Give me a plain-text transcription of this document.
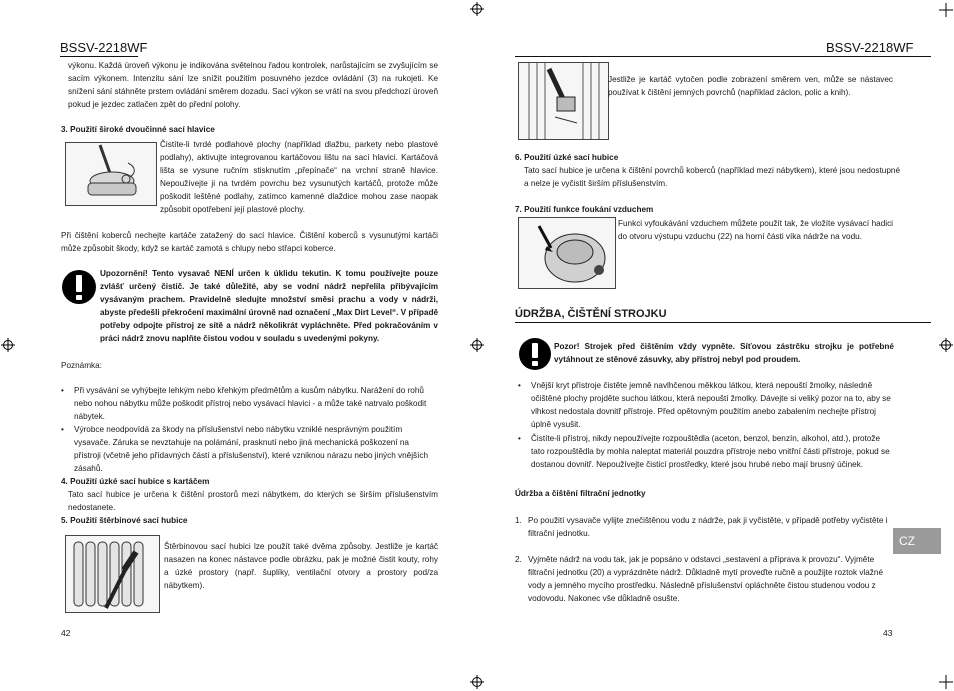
BSSV-2218WF

výkonu. Každá úroveň výkonu je indikována světelnou řadou kontrolek, narůstajícím se zvyšujícím se sacím výkonem. Intenzitu sání lze snížit použitím posuvného jezdce ovládání (3) na rukojeti. Ke snížení sání stáhněte prstem ovládání směrem dozadu. Sací výkon se vrátí na svou předchozí úroveň pokud je jezdec zatlačen zpět do přední polohy.

3. Použití široké dvoučinné sací hlavice

Čistíte-li tvrdé podlahové plochy (například dlažbu, parkety nebo plastové podlahy), aktivujte integrovanou kartáčovou lištu na sací hlavici. Kartáčová lišta se vysune ručním stisknutím „přepínače“ na vrchní straně hlavice. Nepoužívejte ji na tvrdém povrchu bez vysunutých kartáčů, protože může poškodit leštěné podlahy, zatímco kamenné dlaždice mohou zase naopak způsobit opotřebení její plastové plochy.

Při čištění koberců nechejte kartáče zatažený do sací hlavice. Čištění koberců s vysunutými kartáči může způsobit škody, když se kartáč zamotá s chlupy nebo střapci koberce.

Upozornění! Tento vysavač NENÍ určen k úklidu tekutin. K tomu používejte pouze zvlášť určený čistič. Je také důležité, aby se vodní nádrž nepřelila přibývajícím vysávaným prachem. Pravidelně sledujte množství směsi prachu a vody v nádrži, abyste předešli překročení maximální úrovně nad označení „Max Dirt Level“. V případě potřeby odpojte přístroj ze sítě a nádrž několikrát vypláchněte. Před pokračováním v práci nádrž znovu naplňte čistou vodou v souladu s uvedenými pokyny.

Poznámka:

• Při vysávání se vyhýbejte lehkým nebo křehkým předmětům a kusům nábytku. Narážení do rohů nebo nohou nábytku může poškodit přístroj nebo vysávací hlavici - a může také natrvalo poškodit nábytek.
• Výrobce neodpovídá za škody na příslušenství nebo nábytku vzniklé nesprávným použitím vysavače. Záruka se nevztahuje na polámání, prasknutí nebo jiná mechanická poškození na přístroji (včetně jeho přídavných částí a příslušenství), které vzniknou nárazu nebo jiných vnějších zásahů.
4. Použití úzké sací hubice s kartáčem

Tato sací hubice je určena k čištění prostorů mezi nábytkem, do kterých se širším příslušenstvím nedostanete.

5. Použití štěrbinové sací hubice

Štěrbinovou sací hubici lze použít také dvěma způsoby. Jestliže je kartáč nasazen na konec nástavce podle obrázku, pak je možné čistit kouty, rohy a úzké prostory (např. šuplíky, ventilační otvory a prostory pod/za nábytkem).

42
BSSV-2218WF

Jestliže je kartáč vytočen podle zobrazení směrem ven, může se nástavec používat k čištění jemných povrchů (například záclon, polic a knih).

6. Použití úzké sací hubice

Tato sací hubice je určena k čištění povrchů koberců (například mezi nábytkem), které jsou nedostupné a nelze je vyčistit širším příslušenstvím.

7. Použití funkce foukání vzduchem

Funkci vyfoukávání vzduchem můžete použít tak, že vložíte vysávací hadici do otvoru výstupu vzduchu (22) na horní části víka nádrže na vodu.

ÚDRŽBA, ČIŠTĚNÍ STROJKU

Pozor! Strojek před čištěním vždy vypněte. Síťovou zástrčku strojku je potřebné vytáhnout ze stěnové zásuvky, aby přístroj nebyl pod proudem.

• Vnější kryt přístroje čistěte jemně navlhčenou měkkou látkou, která nepouští žmolky, následně očištěné plochy projděte suchou látkou, která nepouští žmolky. Dávejte si veliký pozor na to, aby se vlhkost nedostala dovnitř přístroje. Před opětovným použitím anebo zabalením nechejte přístroj úplně vysušit.
• Čistíte-li přístroj, nikdy nepoužívejte rozpouštědla (aceton, benzol, benzín, alkohol, atd.), protože tato rozpouštědla by mohla naleptat materiál pouzdra přístroje nebo vnitřní části přístroje, pokud se dostanou dovnitř. Nepoužívejte čisticí prostředky, které jsou hrubé nebo mají brusný účinek.
Údržba a čištění filtrační jednotky
1. Po použití vysavače vylijte znečištěnou vodu z nádrže, pak ji vyčistěte, v případě potřeby vyčistěte i filtrační jednotku.
2. Vyjměte nádrž na vodu tak, jak je popsáno v odstavci „sestavení a příprava k provozu“. Vyjměte filtrační jednotku (20) a vyprázdněte nádrž. Důkladně mytí proveďte ručně a použijte roztok vlažné vody a jemného mycího prostředku. Následně příslušenství opláchněte čistou studenou vodou z vodovodu. Nakonec vše důkladně osušte.
43
CZ
